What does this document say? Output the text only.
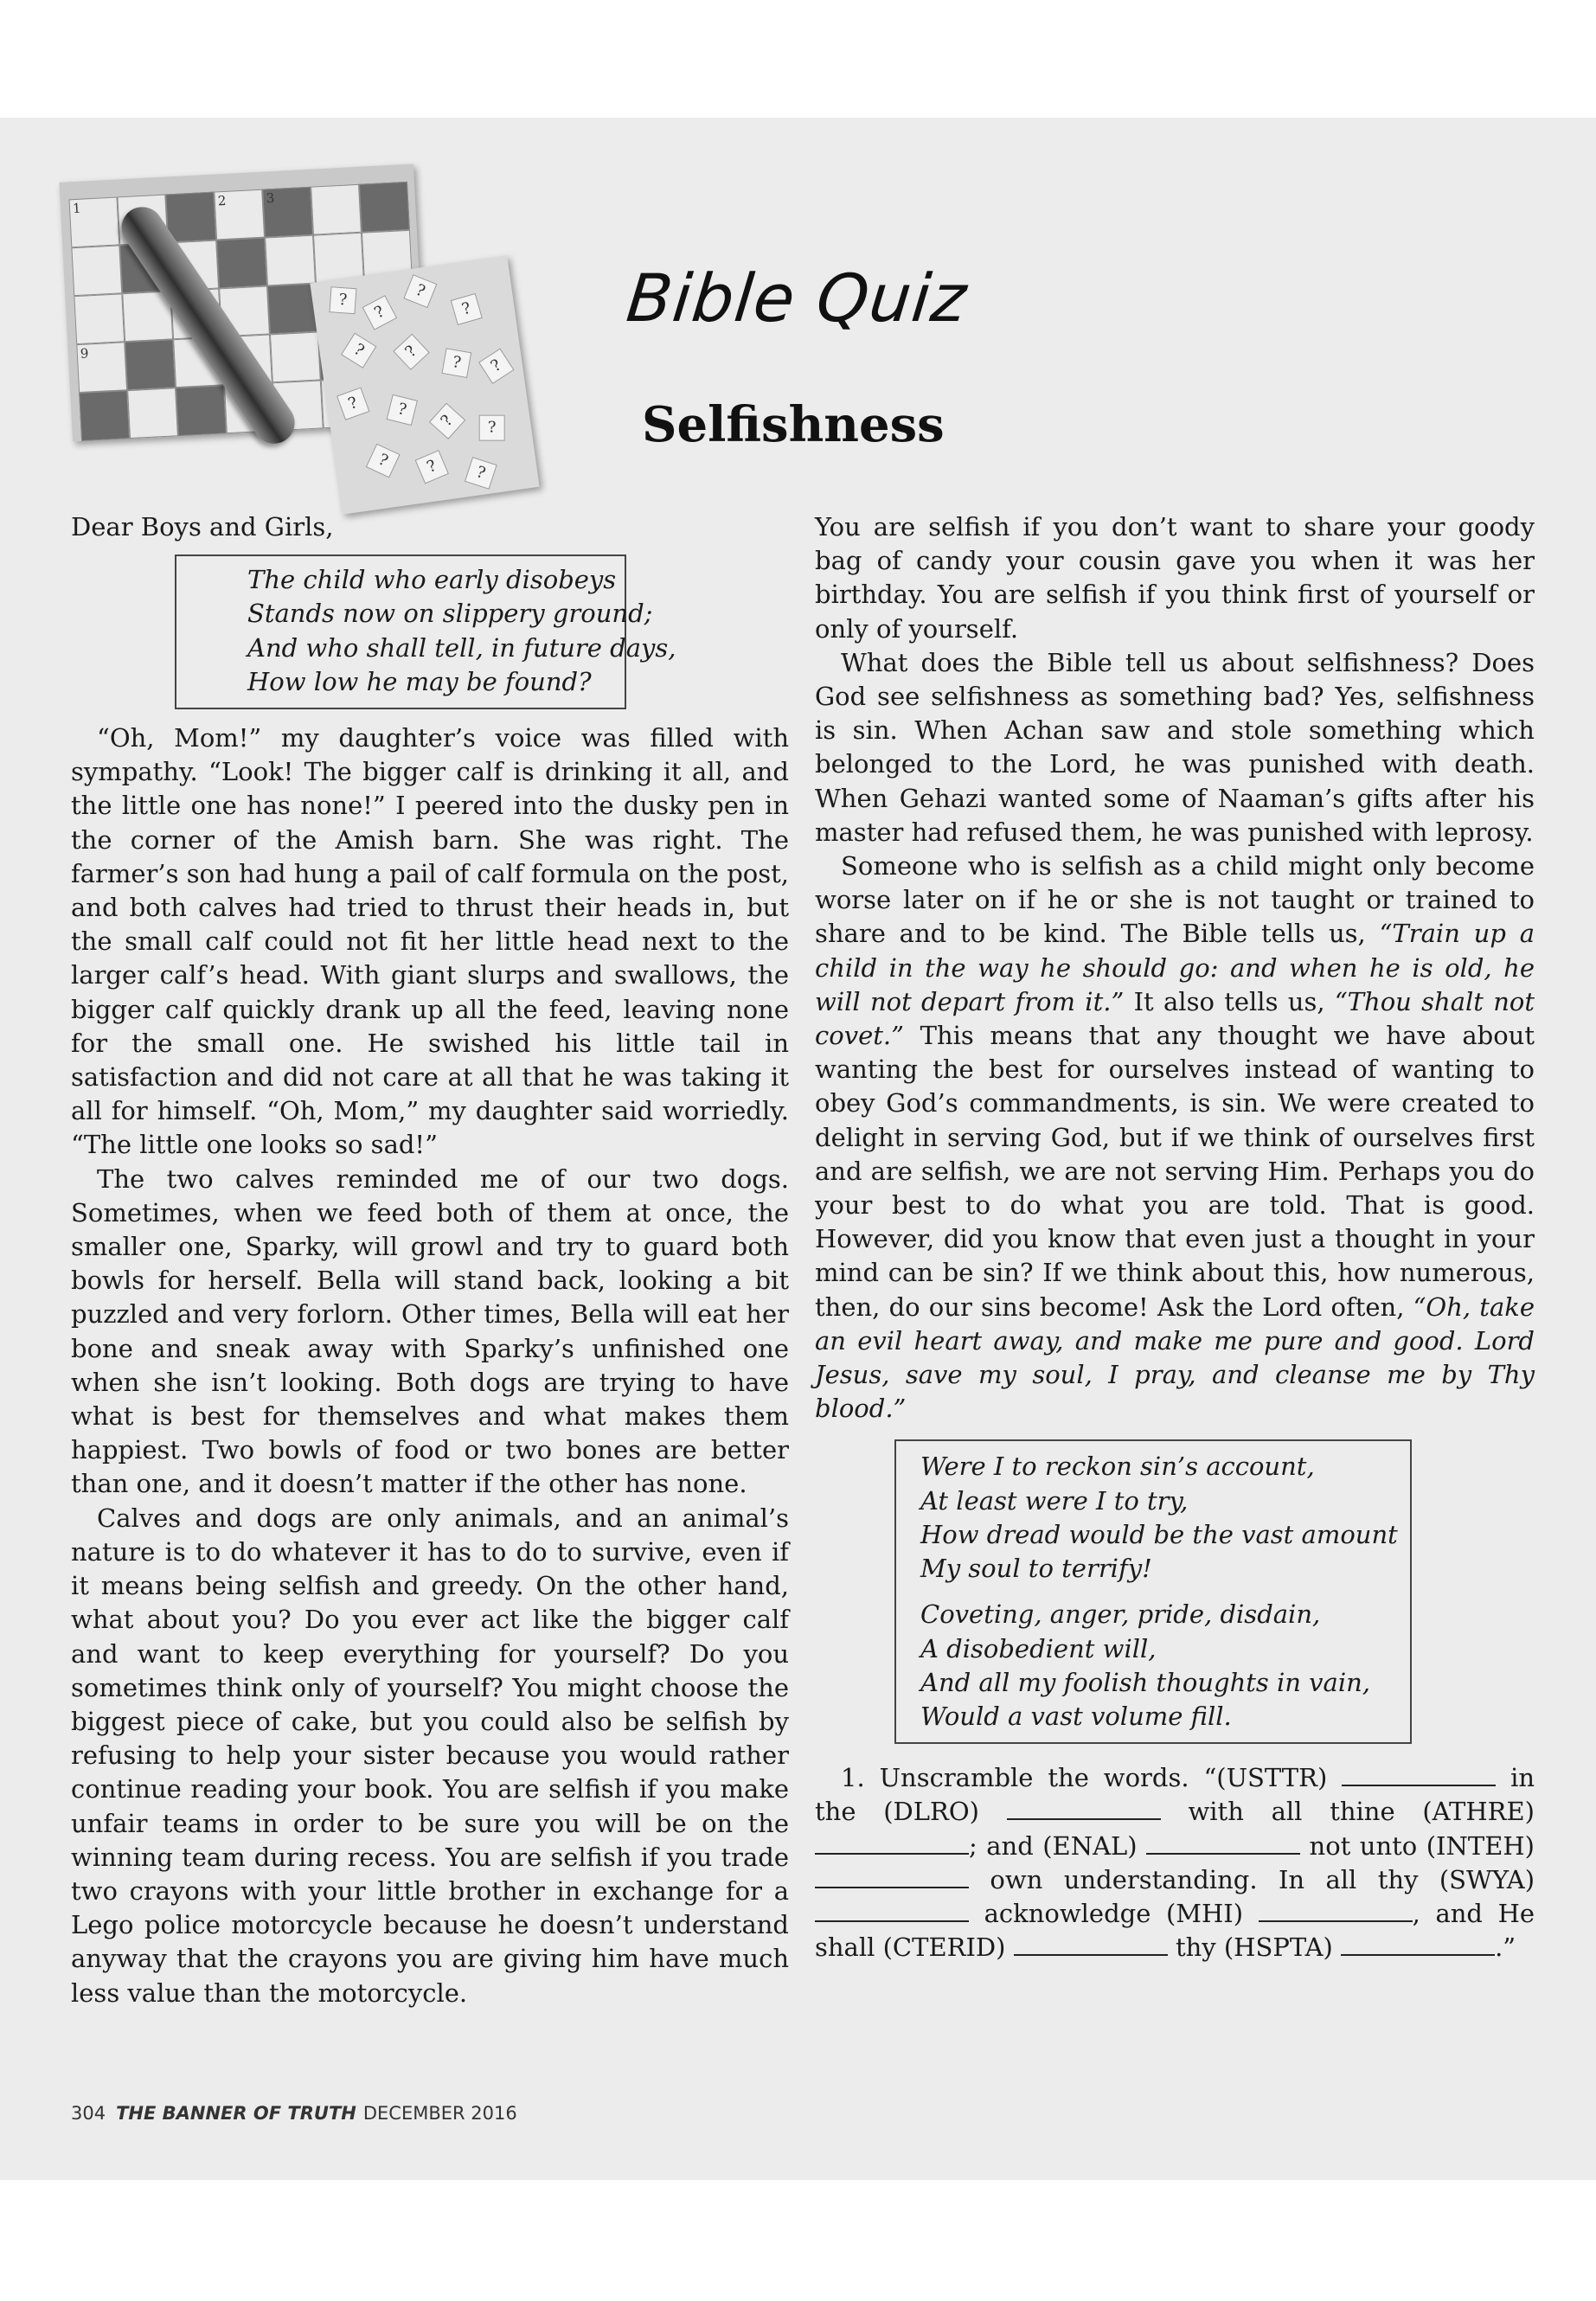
1	2	3
9
?
?
?
?
?	?
?	?
?	?
?	?
?	?	?
Bible Quiz
Selfishness

Dear Boys and Girls,

The child who early disobeys
Stands now on slippery ground;
And who shall tell, in future days,
How low he may be found?

“Oh, Mom!” my daughter’s voice was filled with sympathy. “Look! The bigger calf is drinking it all, and the little one has none!” I peered into the dusky pen in the corner of the Amish barn. She was right. The farmer’s son had hung a pail of calf formula on the post, and both calves had tried to thrust their heads in, but the small calf could not fit her little head next to the larger calf’s head. With giant slurps and swallows, the bigger calf quickly drank up all the feed, leaving none for the small one. He swished his little tail in satisfaction and did not care at all that he was taking it all for himself. “Oh, Mom,” my daughter said worriedly. “The little one looks so sad!”

The two calves reminded me of our two dogs. Sometimes, when we feed both of them at once, the smaller one, Sparky, will growl and try to guard both bowls for herself. Bella will stand back, looking a bit puzzled and very forlorn. Other times, Bella will eat her bone and sneak away with Sparky’s unfinished one when she isn’t looking. Both dogs are trying to have what is best for themselves and what makes them happiest. Two bowls of food or two bones are better than one, and it doesn’t matter if the other has none.

Calves and dogs are only animals, and an animal’s nature is to do whatever it has to do to survive, even if it means being selfish and greedy. On the other hand, what about you? Do you ever act like the bigger calf and want to keep everything for yourself? Do you sometimes think only of yourself? You might choose the biggest piece of cake, but you could also be selfish by refusing to help your sister because you would rather continue reading your book. You are selfish if you make unfair teams in order to be sure you will be on the winning team during recess. You are selfish if you trade two crayons with your little brother in exchange for a Lego police motorcycle because he doesn’t understand anyway that the crayons you are giving him have much less value than the motorcycle.

You are selfish if you don’t want to share your goody bag of candy your cousin gave you when it was her birthday. You are selfish if you think first of yourself or only of yourself.

What does the Bible tell us about selfishness? Does God see selfishness as something bad? Yes, selfishness is sin. When Achan saw and stole something which belonged to the Lord, he was punished with death. When Gehazi wanted some of Naaman’s gifts after his master had refused them, he was punished with leprosy.

Someone who is selfish as a child might only become worse later on if he or she is not taught or trained to share and to be kind. The Bible tells us, “Train up a child in the way he should go: and when he is old, he will not depart from it.” It also tells us, “Thou shalt not covet.” This means that any thought we have about wanting the best for ourselves instead of wanting to obey God’s commandments, is sin. We were created to delight in serving God, but if we think of ourselves first and are selfish, we are not serving Him. Perhaps you do your best to do what you are told. That is good. However, did you know that even just a thought in your mind can be sin? If we think about this, how numerous, then, do our sins become! Ask the Lord often, “Oh, take an evil heart away, and make me pure and good. Lord Jesus, save my soul, I pray, and cleanse me by Thy blood.”

Were I to reckon sin’s account,
At least were I to try,
How dread would be the vast amount
My soul to terrify!
Coveting, anger, pride, disdain,
A disobedient will,
And all my foolish thoughts in vain,
Would a vast volume fill.

1. Unscramble the words. “(USTTR)	in the (DLRO)	with all thine (ATHRE) ; and (ENAL)	not unto (INTEH)  own understanding. In all thy (SWYA)  acknowledge (MHI)	, and He shall (CTERID)	thy (HSPTA)	.”

304 THE BANNER OF TRUTH DECEMBER 2016
